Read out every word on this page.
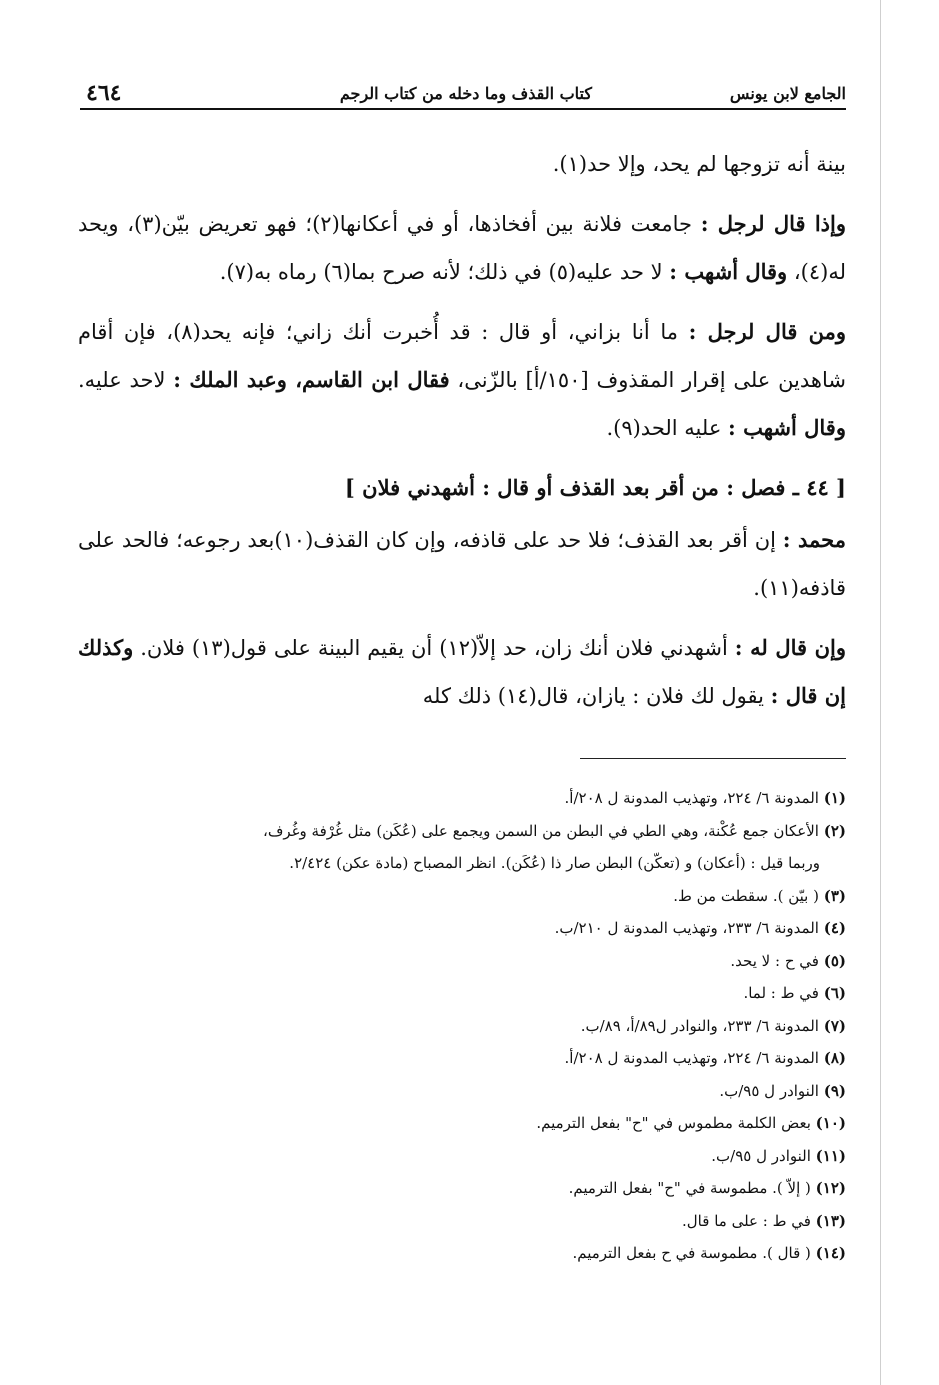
الجامع لابن يونس
كتاب القذف وما دخله من كتاب الرجم
٤٦٤

بينة أنه تزوجها لم يحد، وإلا حد(١).

وإذا قال لرجل : جامعت فلانة بين أفخاذها، أو في أعكانها(٢)؛ فهو تعريض بيّن(٣)، ويحد له(٤)، وقال أشهب : لا حد عليه(٥) في ذلك؛ لأنه صرح بما(٦) رماه به(٧).

ومن قال لرجل : ما أنا بزاني، أو قال : قد أُخبرت أنك زاني؛ فإنه يحد(٨)، فإن أقام شاهدين على إقرار المقذوف [١٥٠/أ] بالزّنى، فقال ابن القاسم، وعبد الملك : لاحد عليه. وقال أشهب : عليه الحد(٩).

[ ٤٤ ـ فصل : من أقر بعد القذف أو قال : أشهدني فلان ]

محمد : إن أقر بعد القذف؛ فلا حد على قاذفه، وإن كان القذف(١٠)بعد رجوعه؛ فالحد على قاذفه(١١).

وإن قال له : أشهدني فلان أنك زان، حد إلاّ(١٢) أن يقيم البينة على قول(١٣) فلان. وكذلك إن قال : يقول لك فلان : يازان، قال(١٤) ذلك كله

(١) المدونة ٦/ ٢٢٤، وتهذيب المدونة ل ٢٠٨/أ.
(٢) الأعكان جمع عُكْنة، وهي الطي في البطن من السمن ويجمع على (عُكَن) مثل غُرْفة وغُرف،
وربما قيل : (أعكان) و (تعكّن) البطن صار ذا (عُكَن). انظر المصباح (مادة عكن) ٢/٤٢٤.
(٣) ( بيّن ). سقطت من ط.
(٤) المدونة ٦/ ٢٣٣، وتهذيب المدونة ل ٢١٠/ب.
(٥) في ح : لا يحد.
(٦) في ط : لما.
(٧) المدونة ٦/ ٢٣٣، والنوادر ل٨٩/أ، ٨٩/ب.
(٨) المدونة ٦/ ٢٢٤، وتهذيب المدونة ل ٢٠٨/أ.
(٩) النوادر ل ٩٥/ب.
(١٠) بعض الكلمة مطموس في "ح" بفعل الترميم.
(١١) النوادر ل ٩٥/ب.
(١٢) ( إلاّ ). مطموسة في "ح" بفعل الترميم.
(١٣) في ط : على ما قال.
(١٤) ( قال ). مطموسة في ح بفعل الترميم.
